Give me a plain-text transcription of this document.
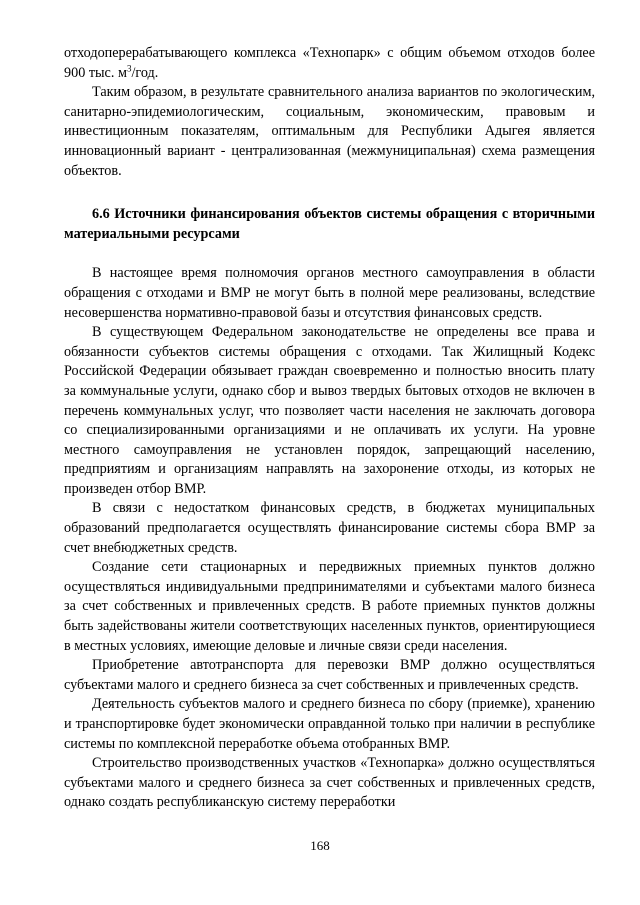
отходоперерабатывающего комплекса «Технопарк» с общим объемом отходов более 900 тыс. $м^3$/год.

Таким образом, в результате сравнительного анализа вариантов по экологическим, санитарно-эпидемиологическим, социальным, экономическим, правовым и инвестиционным показателям, оптимальным для Республики Адыгея является инновационный вариант - централизованная (межмуниципальная) схема размещения объектов.

6.6 Источники финансирования объектов системы обращения с вторичными материальными ресурсами

В настоящее время полномочия органов местного самоуправления в области обращения с отходами и ВМР не могут быть в полной мере реализованы, вследствие несовершенства нормативно-правовой базы и отсутствия финансовых средств.

В существующем Федеральном законодательстве не определены все права и обязанности субъектов системы обращения с отходами. Так Жилищный Кодекс Российской Федерации обязывает граждан своевременно и полностью вносить плату за коммунальные услуги, однако сбор и вывоз твердых бытовых отходов не включен в перечень коммунальных услуг, что позволяет части населения не заключать договора со специализированными организациями и не оплачивать их услуги. На уровне местного самоуправления не установлен порядок, запрещающий населению, предприятиям и организациям направлять на захоронение отходы, из которых не произведен отбор ВМР.

В связи с недостатком финансовых средств, в бюджетах муниципальных образований предполагается осуществлять финансирование системы сбора ВМР за счет внебюджетных средств.

Создание сети стационарных и передвижных приемных пунктов должно осуществляться индивидуальными предпринимателями и субъектами малого бизнеса за счет собственных и привлеченных средств. В работе приемных пунктов должны быть задействованы жители соответствующих населенных пунктов, ориентирующиеся в местных условиях, имеющие деловые и личные связи среди населения.

Приобретение автотранспорта для перевозки ВМР должно осуществляться субъектами малого и среднего бизнеса за счет собственных и привлеченных средств.

Деятельность субъектов малого и среднего бизнеса по сбору (приемке), хранению и транспортировке будет экономически оправданной только при наличии в республике системы по комплексной переработке объема отобранных ВМР.

Строительство производственных участков «Технопарка» должно осуществляться субъектами малого и среднего бизнеса за счет собственных и привлеченных средств, однако создать республиканскую систему переработки

168
